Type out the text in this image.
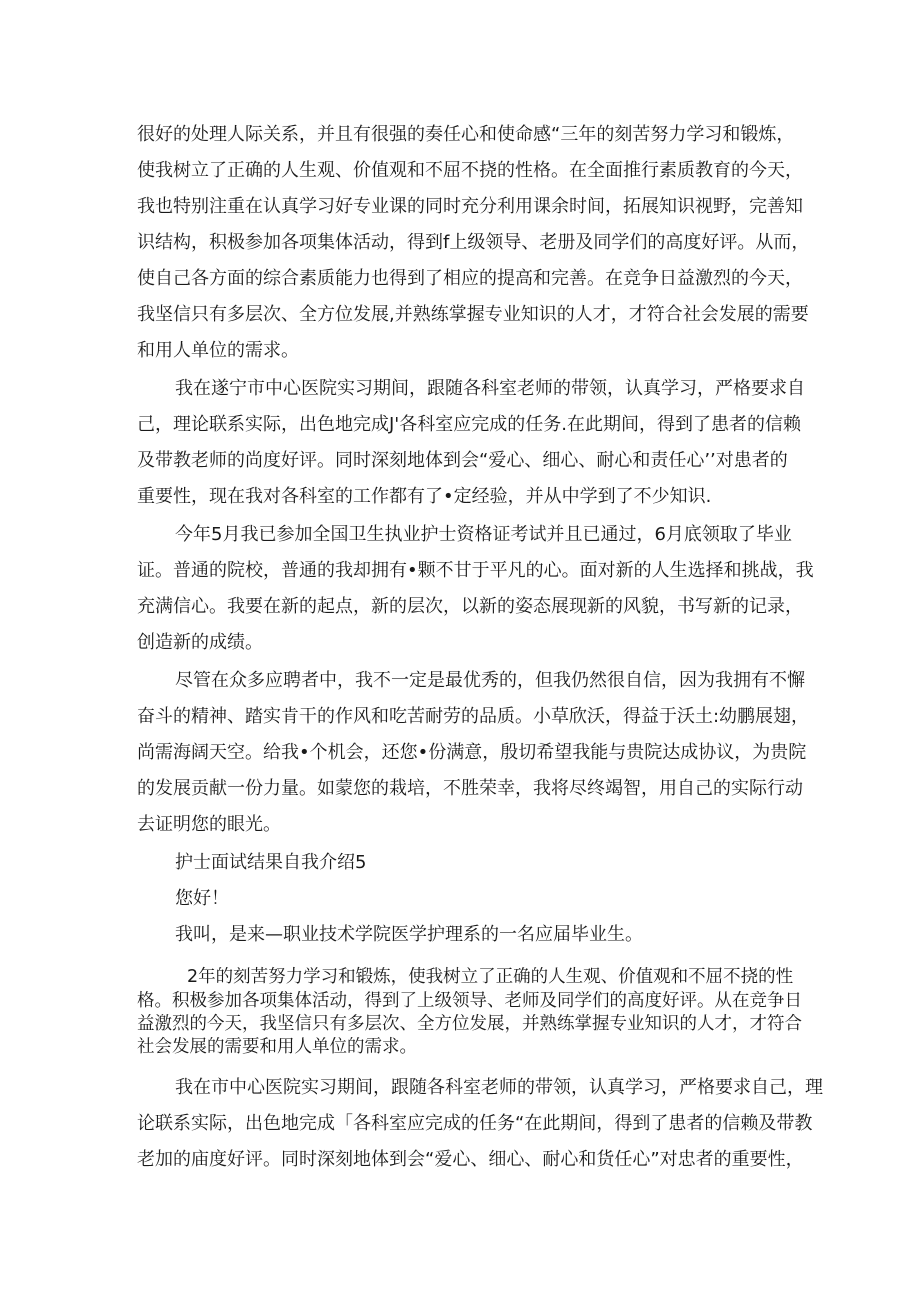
很好的处理人际关系，并且有很强的奏任心和使命感“三年的刻苦努力学习和锻炼，

使我树立了正确的人生观、价值观和不屈不挠的性格。在全面推行素质教育的今天，

我也特别注重在认真学习好专业课的同时充分利用课余时间，拓展知识视野，完善知

识结构，积极参加各项集体活动，得到f上级领导、老册及同学们的高度好评。从而，

使自己各方面的综合素质能力也得到了相应的提高和完善。在竞争日益激烈的今天，

我坚信只有多层次、全方位发展,并熟练掌握专业知识的人才，才符合社会发展的需要

和用人单位的需求。

我在遂宁市中心医院实习期间，跟随各科室老师的带领，认真学习，严格要求自

己，理论联系实际，出色地完成J'各科室应完成的任务.在此期间，得到了患者的信赖

及带教老师的尚度好评。同时深刻地体到会“爱心、细心、耐心和责任心’’对患者的

重要性，现在我对各科室的工作都有了•定经验，并从中学到了不少知识.

今年5月我已参加全国卫生执业护士资格证考试并且已通过，6月底领取了毕业

证。普通的院校，普通的我却拥有•颗不甘于平凡的心。面对新的人生选择和挑战，我

充满信心。我要在新的起点，新的层次，以新的姿态展现新的风貌，书写新的记录，

创造新的成绩。

尽管在众多应聘者中，我不一定是最优秀的，但我仍然很自信，因为我拥有不懈

奋斗的精神、踏实肯干的作风和吃苦耐劳的品质。小草欣沃，得益于沃土:幼鹏展翅，

尚需海阔天空。给我•个机会，还您•份满意，殷切希望我能与贵院达成协议，为贵院

的发展贡献一份力量。如蒙您的栽培，不胜荣幸，我将尽终竭智，用自己的实际行动

去证明您的眼光。

护士面试结果自我介绍5

您好！

我叫，是来—职业技术学院医学护理系的一名应届毕业生。

2年的刻苦努力学习和锻炼，使我树立了正确的人生观、价值观和不屈不挠的性

格。积极参加各项集体活动，得到了上级领导、老师及同学们的高度好评。从在竞争日

益激烈的今天，我坚信只有多层次、全方位发展，并熟练掌握专业知识的人才，才符合

社会发展的需要和用人单位的需求。

我在市中心医院实习期间，跟随各科室老师的带领，认真学习，严格要求自己，理

论联系实际，出色地完成「各科室应完成的任务“在此期间，得到了患者的信赖及带教

老加的庙度好评。同时深刻地体到会“爱心、细心、耐心和货任心”对忠者的重要性，
